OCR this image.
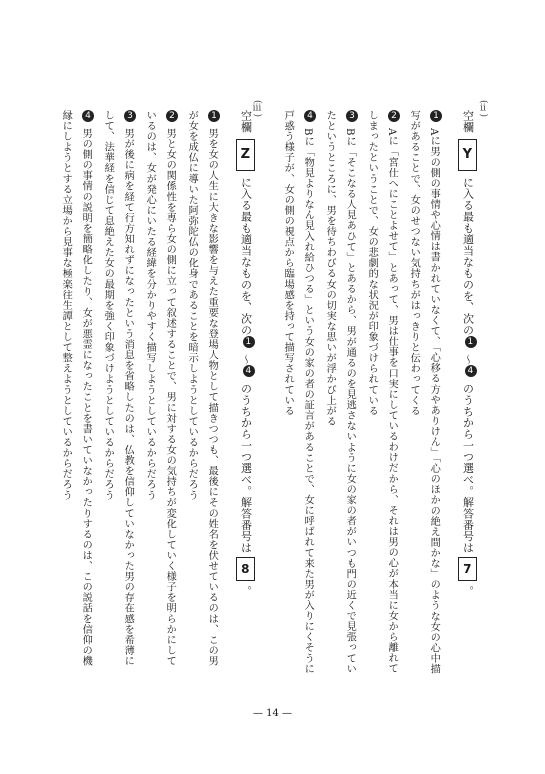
(ⅱ)
空欄Yに入る最も適当なものを、次の1～4のうちから一つ選べ。解答番号は7。
1Aに男の側の事情や心情は書かれていなくて、「心移る方やありけん」「心のほかの絶え間かな」のような女の心中描
写があることで、女のせつない気持ちがはっきりと伝わってくる
2Aに「宮仕へにことよせて」とあって、男は仕事を口実にしているわけだから、それは男の心が本当に女から離れて
しまったということで、女の悲劇的な状況が印象づけられている
3Bに「そこなる人見あひて」とあるから、男が通るのを見逃さないように女の家の者がいつも門の近くで見張ってい
たというところに、男を待ちわびる女の切実な思いが浮かび上がる
4Bに「物見よりなん見入れ給ひつる」という女の家の者の証言があることで、女に呼ばれて来た男が入りにくそうに
戸惑う様子が、女の側の視点から臨場感を持って描写されている
(ⅲ)
空欄Zに入る最も適当なものを、次の1～4のうちから一つ選べ。解答番号は8。
1男を女の人生に大きな影響を与えた重要な登場人物として描きつつも、最後にその姓名を伏せているのは、この男
が女を成仏に導いた阿弥陀仏の化身であることを暗示しようとしているからだろう
2男と女の関係性を専ら女の側に立って叙述することで、男に対する女の気持ちが変化していく様子を明らかにして
いるのは、女が発心にいたる経緯を分かりやすく描写しようとしているからだろう
3男が後に病を経て行方知れずになったという消息を省略したのは、仏教を信仰していなかった男の存在感を希薄に
して、法華経を信じて息絶えた女の最期を強く印象づけようとしているからだろう
4男の側の事情の説明を簡略化したり、女が悪霊になったことを書いていなかったりするのは、この説話を信仰の機
縁にしようとする立場から見事な極楽往生譚として整えようとしているからだろう
— 14 —
